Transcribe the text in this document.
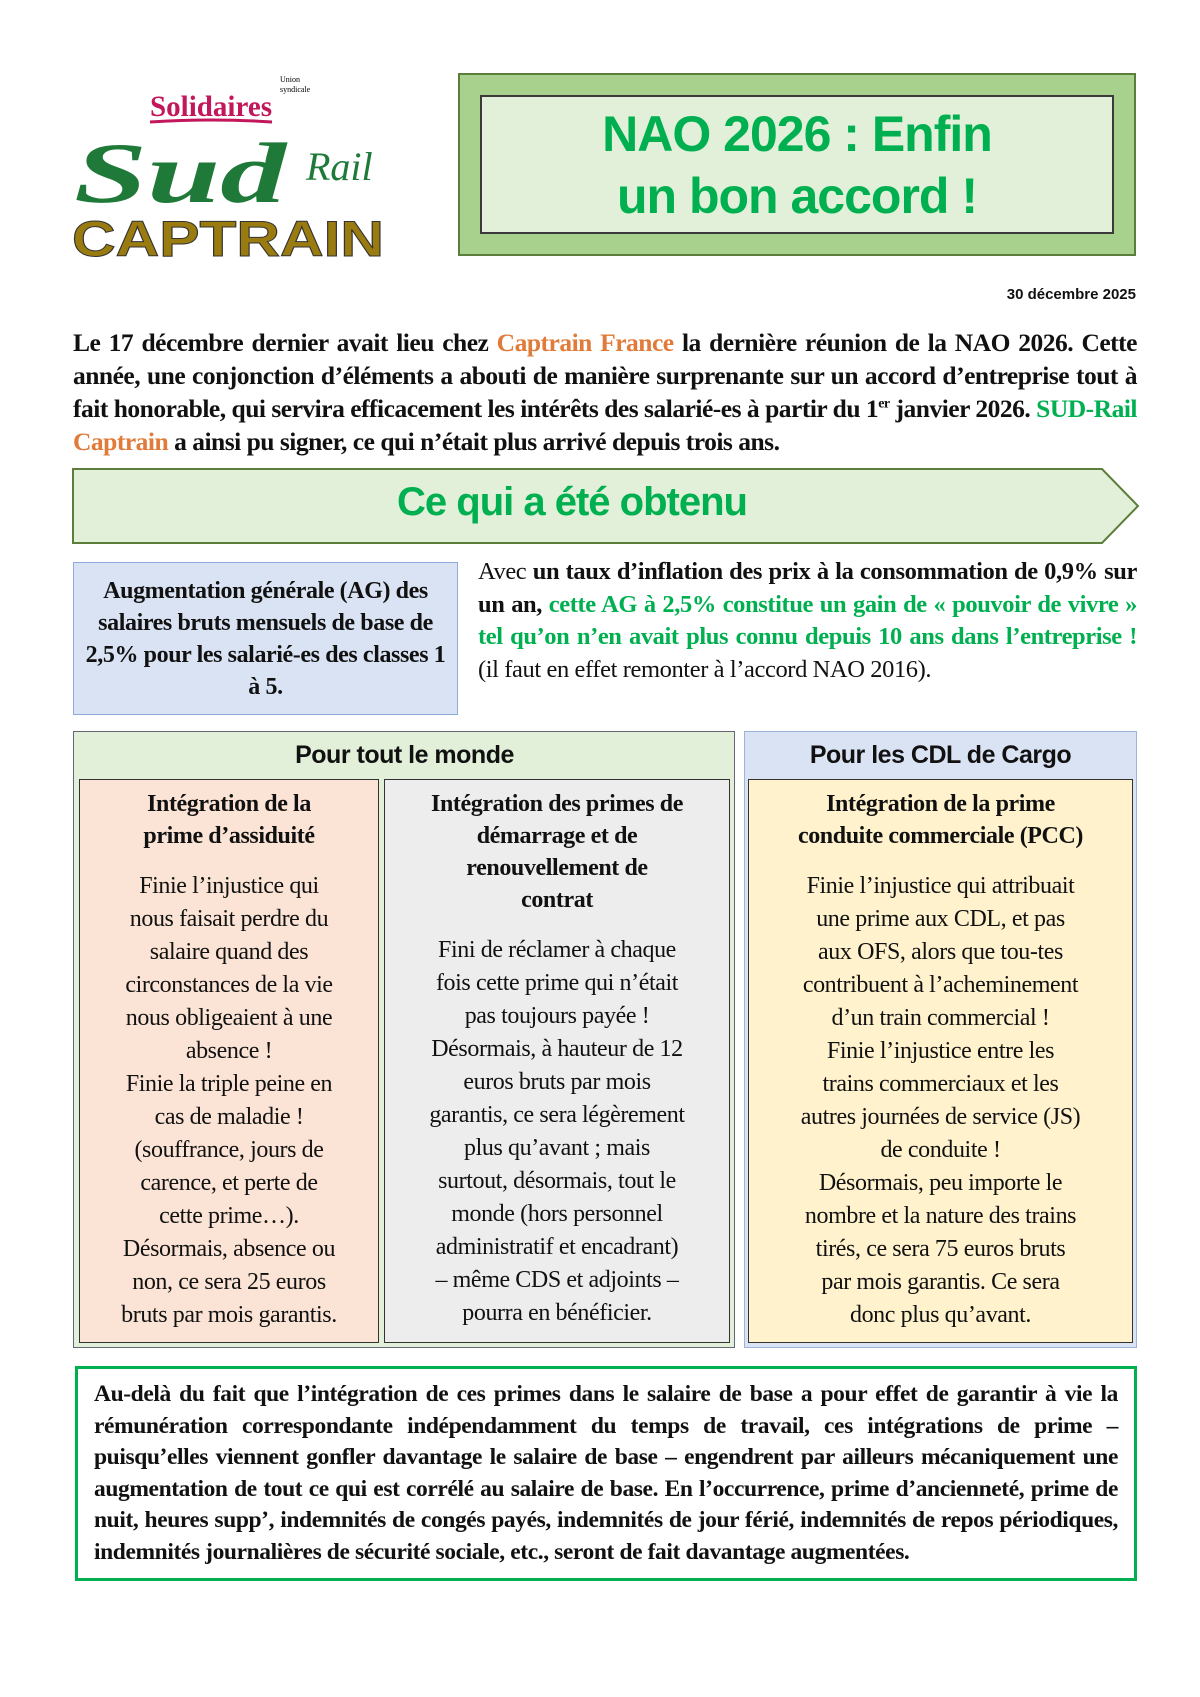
Union
syndicale
Solidaires
Sud Rail
CAPTRAIN
NAO 2026 : Enfin
un bon accord !
30 décembre 2025

Le 17 décembre dernier avait lieu chez Captrain France la dernière réunion de la NAO 2026. Cette année, une conjonction d’éléments a abouti de manière surprenante sur un accord d’entreprise tout à fait honorable, qui servira efficacement les intérêts des salarié-es à partir du 1er janvier 2026. SUD-Rail Captrain a ainsi pu signer, ce qui n’était plus arrivé depuis trois ans.

Ce qui a été obtenu
Augmentation générale (AG) des salaires bruts mensuels de base de 2,5% pour les salarié-es des classes 1 à 5.

Avec un taux d’inflation des prix à la consommation de 0,9% sur un an, cette AG à 2,5% constitue un gain de « pouvoir de vivre » tel qu’on n’en avait plus connu depuis 10 ans dans l’entreprise ! (il faut en effet remonter à l’accord NAO 2016).

Pour tout le monde
Intégration de la
prime d’assiduité
Finie l’injustice qui
nous faisait perdre du
salaire quand des
circonstances de la vie
nous obligeaient à une
absence !
Finie la triple peine en
cas de maladie !
(souffrance, jours de
carence, et perte de
cette prime…).
Désormais, absence ou
non, ce sera 25 euros
bruts par mois garantis.
Intégration des primes de
démarrage et de
renouvellement de
contrat
Fini de réclamer à chaque
fois cette prime qui n’était
pas toujours payée !
Désormais, à hauteur de 12
euros bruts par mois
garantis, ce sera légèrement
plus qu’avant ; mais
surtout, désormais, tout le
monde (hors personnel
administratif et encadrant)
– même CDS et adjoints –
pourra en bénéficier.
Pour les CDL de Cargo
Intégration de la prime
conduite commerciale (PCC)
Finie l’injustice qui attribuait
une prime aux CDL, et pas
aux OFS, alors que tou-tes
contribuent à l’acheminement
d’un train commercial !
Finie l’injustice entre les
trains commerciaux et les
autres journées de service (JS)
de conduite !
Désormais, peu importe le
nombre et la nature des trains
tirés, ce sera 75 euros bruts
par mois garantis. Ce sera
donc plus qu’avant.
Au-delà du fait que l’intégration de ces primes dans le salaire de base a pour effet de garantir à vie la rémunération correspondante indépendamment du temps de travail, ces intégrations de prime – puisqu’elles viennent gonfler davantage le salaire de base – engendrent par ailleurs mécaniquement une augmentation de tout ce qui est corrélé au salaire de base. En l’occurrence, prime d’ancienneté, prime de nuit, heures supp’, indemnités de congés payés, indemnités de jour férié, indemnités de repos périodiques, indemnités journalières de sécurité sociale, etc., seront de fait davantage augmentées.
